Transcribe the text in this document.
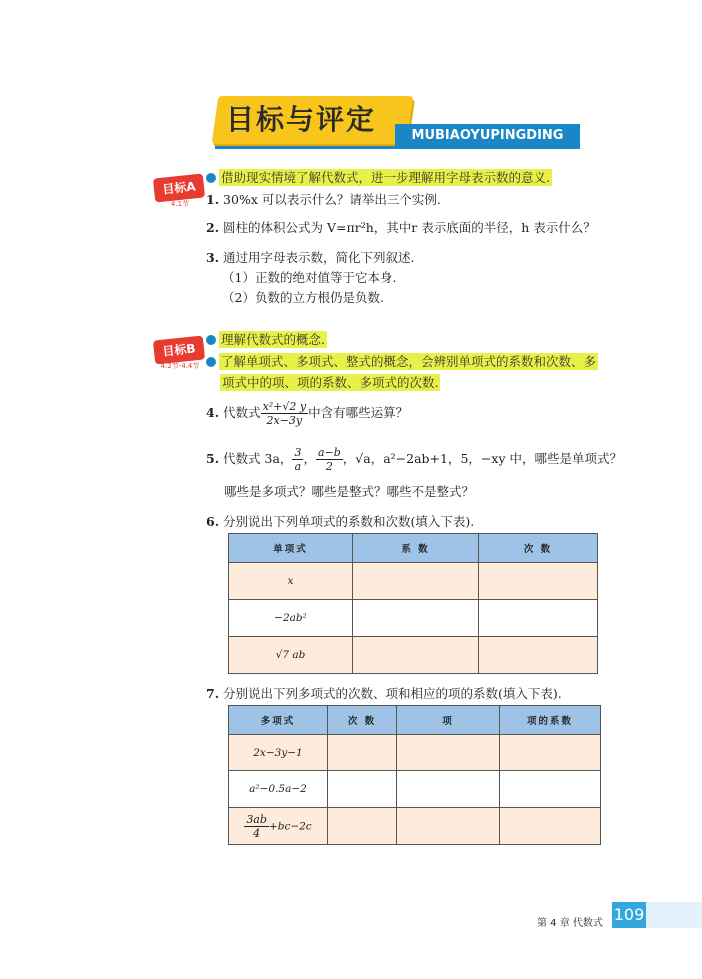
目标与评定	MUBIAOYUPINGDING
目标A
4.1节
借助现实情境了解代数式，进一步理解用字母表示数的意义.
1. 30%x 可以表示什么？请举出三个实例.
2. 圆柱的体积公式为 V=πr²h，其中r 表示底面的半径，h 表示什么？
3. 通过用字母表示数，简化下列叙述.
（1）正数的绝对值等于它本身.
（2）负数的立方根仍是负数.
目标B
4.2节-4.4节
理解代数式的概念.
了解单项式、多项式、整式的概念，会辨别单项式的系数和次数、多
项式中的项、项的系数、多项式的次数.
4. 代数式 $\frac{\text{x²+√2 y}}{2x-3y}$ 中含有哪些运算？
5. 代数式 3a， $\frac{3}{a}$ ， $\frac{a-b}{2}$ ，√a，a²−2ab+1，5，−xy 中，哪些是单项式？
哪些是多项式？哪些是整式？哪些不是整式？
6. 分别说出下列单项式的系数和次数(填入下表).
单项式	系 数	次 数
x		
−2ab²		
√7 ab		
7. 分别说出下列多项式的次数、项和相应的项的系数(填入下表).
多项式	次 数	项	项的系数
2x−3y−1			
a²−0.5a−2			

$\frac{3ab}{4} +bc-2c$			
第 4 章 代数式 109
